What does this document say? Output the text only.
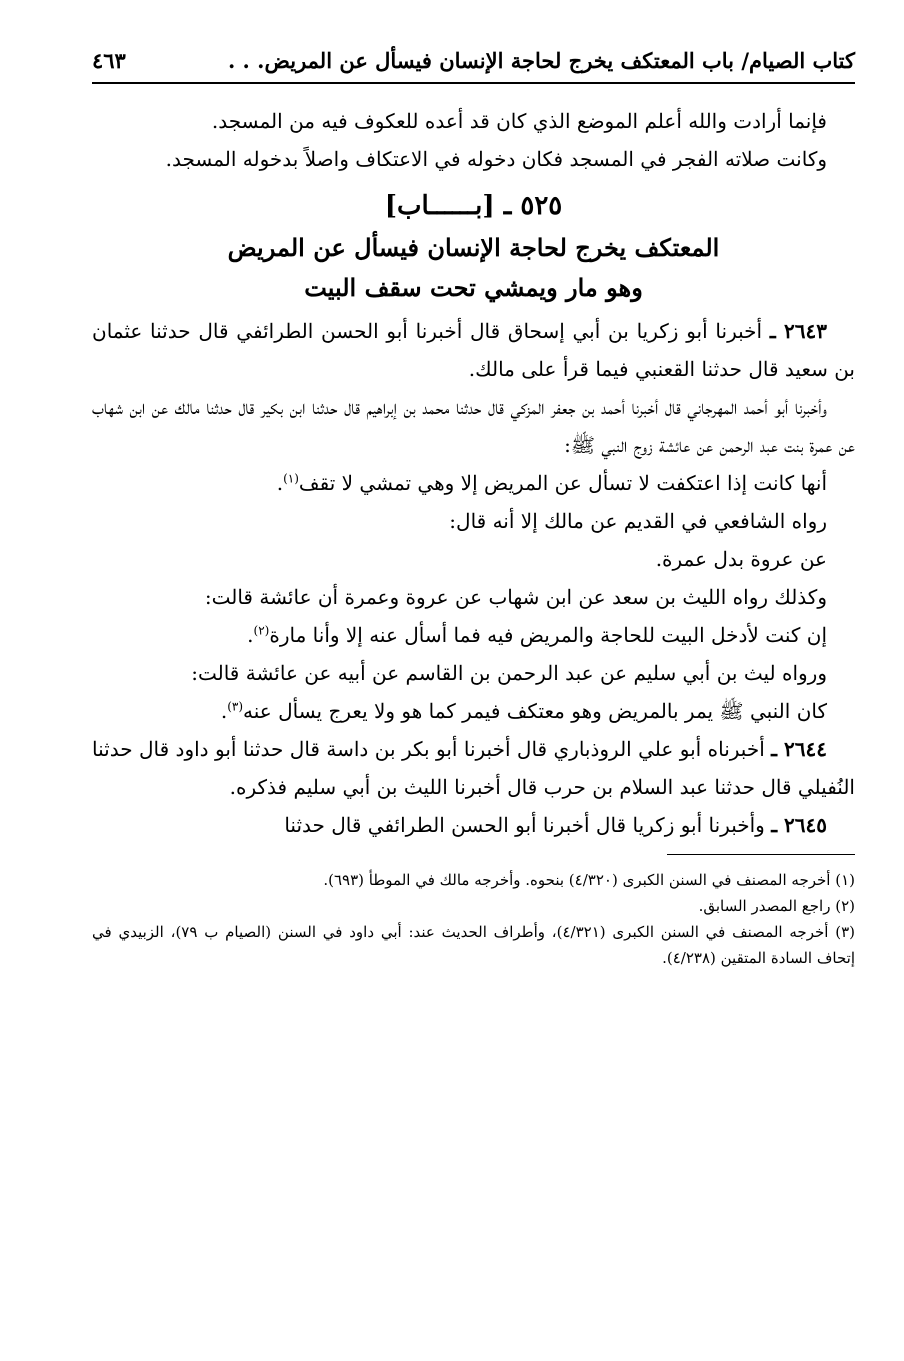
كتاب الصيام/ باب المعتكف يخرج لحاجة الإنسان فيسأل عن المريض. . .
٤٦٣

فإنما أرادت والله أعلم الموضع الذي كان قد أعده للعكوف فيه من المسجد.

وكانت صلاته الفجر في المسجد فكان دخوله في الاعتكاف واصلاً بدخوله المسجد.

٥٢٥ ـ [بــــــاب]
المعتكف يخرج لحاجة الإنسان فيسأل عن المريض
وهو مار ويمشي تحت سقف البيت

٢٦٤٣ ـ أخبرنا أبو زكريا بن أبي إسحاق قال أخبرنا أبو الحسن الطرائفي قال حدثنا عثمان بن سعيد قال حدثنا القعنبي فيما قرأ على مالك.

وأخبرنا أبو أحمد المهرجاني قال أخبرنا أحمد بن جعفر المزكي قال حدثنا محمد بن إبراهيم قال حدثنا ابن بكير قال حدثنا مالك عن ابن شهاب عن عمرة بنت عبد الرحمن عن عائشة زوج النبي ﷺ:

أنها كانت إذا اعتكفت لا تسأل عن المريض إلا وهي تمشي لا تقف$^{(١)}$.

رواه الشافعي في القديم عن مالك إلا أنه قال:

عن عروة بدل عمرة.

وكذلك رواه الليث بن سعد عن ابن شهاب عن عروة وعمرة أن عائشة قالت:

إن كنت لأدخل البيت للحاجة والمريض فيه فما أسأل عنه إلا وأنا مارة$^{(٢)}$.

ورواه ليث بن أبي سليم عن عبد الرحمن بن القاسم عن أبيه عن عائشة قالت:

كان النبي ﷺ يمر بالمريض وهو معتكف فيمر كما هو ولا يعرج يسأل عنه$^{(٣)}$.

٢٦٤٤ ـ أخبرناه أبو علي الروذباري قال أخبرنا أبو بكر بن داسة قال حدثنا أبو داود قال حدثنا النُفيلي قال حدثنا عبد السلام بن حرب قال أخبرنا الليث بن أبي سليم فذكره.

٢٦٤٥ ـ وأخبرنا أبو زكريا قال أخبرنا أبو الحسن الطرائفي قال حدثنا

(١) أخرجه المصنف في السنن الكبرى (٤/٣٢٠) بنحوه. وأخرجه مالك في الموطأ (٦٩٣).

(٢) راجع المصدر السابق.

(٣) أخرجه المصنف في السنن الكبرى (٤/٣٢١)، وأطراف الحديث عند: أبي داود في السنن (الصيام ب ٧٩)، الزبيدي في إتحاف السادة المتقين (٤/٢٣٨).
